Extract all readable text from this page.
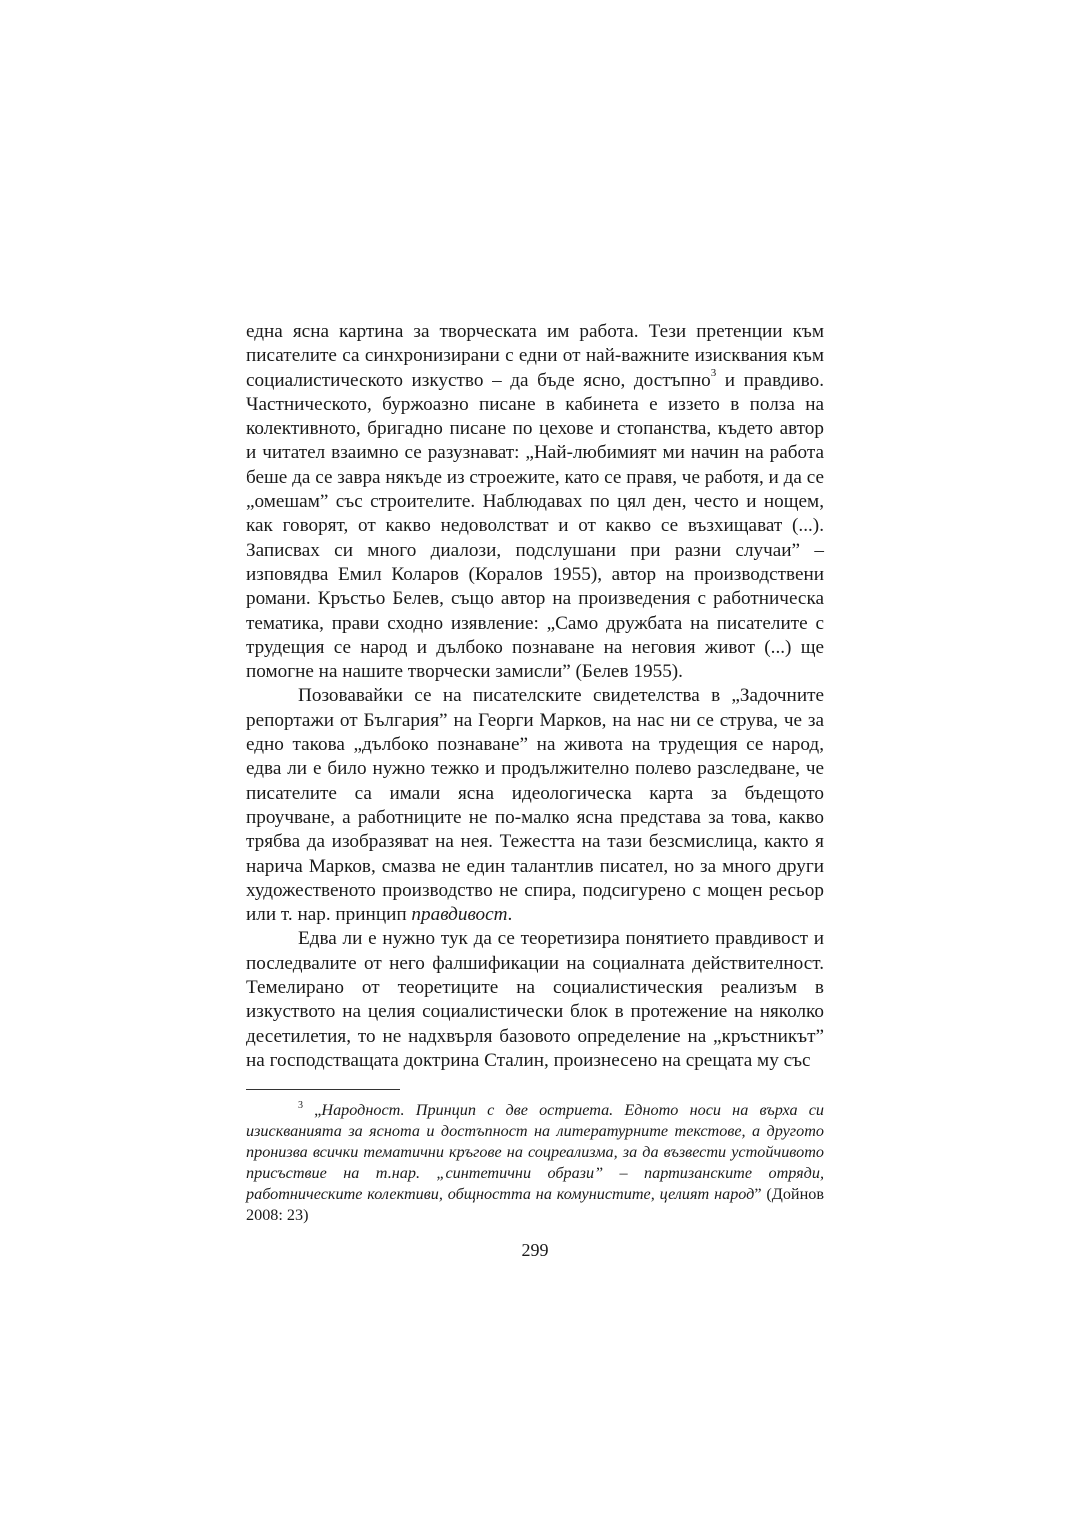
една ясна картина за творческата им работа. Тези претенции към писателите са синхронизирани с едни от най-важните изисквания към социалистическото изкуство – да бъде ясно, достъпно$^3$ и правдиво. Частническото, буржоазно писане в кабинета е иззето в полза на колективното, бригадно писане по цехове и стопанства, където автор и читател взаимно се разузнават: „Най-любимият ми начин на работа беше да се завра някъде из строежите, като се правя, че работя, и да се „омешам” със строителите. Наблюдавах по цял ден, често и нощем, как говорят, от какво недоволстват и от какво се възхищават (...). Записвах си много диалози, подслушани при разни случаи” – изповядва Емил Коларов (Коралов 1955), автор на производствени романи. Кръстьо Белев, също автор на произведения с работническа тематика, прави сходно изявление: „Само дружбата на писателите с трудещия се народ и дълбоко познаване на неговия живот (...) ще помогне на нашите творчески замисли” (Белев 1955).

Позовавайки се на писателските свидетелства в „Задочните репортажи от България” на Георги Марков, на нас ни се струва, че за едно такова „дълбоко познаване” на живота на трудещия се народ, едва ли е било нужно тежко и продължително полево разследване, че писателите са имали ясна идеологическа карта за бъдещото проучване, а работниците не по-малко ясна представа за това, какво трябва да изобразяват на нея. Тежестта на тази безсмислица, както я нарича Марков, смазва не един талантлив писател, но за много други художественото производство не спира, подсигурено с мощен ресьор или т. нар. принцип правдивост.

Едва ли е нужно тук да се теоретизира понятието правдивост и последвалите от него фалшификации на социалната действителност. Темелирано от теоретиците на социалистическия реализъм в изкуството на целия социалистически блок в протежение на няколко десетилетия, то не надхвърля базовото определение на „кръстникът” на господстващата доктрина Сталин, произнесено на срещата му със

$^3$ „Народност. Принцип с две остриета. Едното носи на върха си изискванията за яснота и достъпност на литературните текстове, а другото пронизва всички тематични кръгове на соцреализма, за да възвести устойчивото присъствие на т.нар. „синтетични образи” – партизанските отряди, работническите колективи, общността на комунистите, целият народ” (Дойнов 2008: 23)

299
